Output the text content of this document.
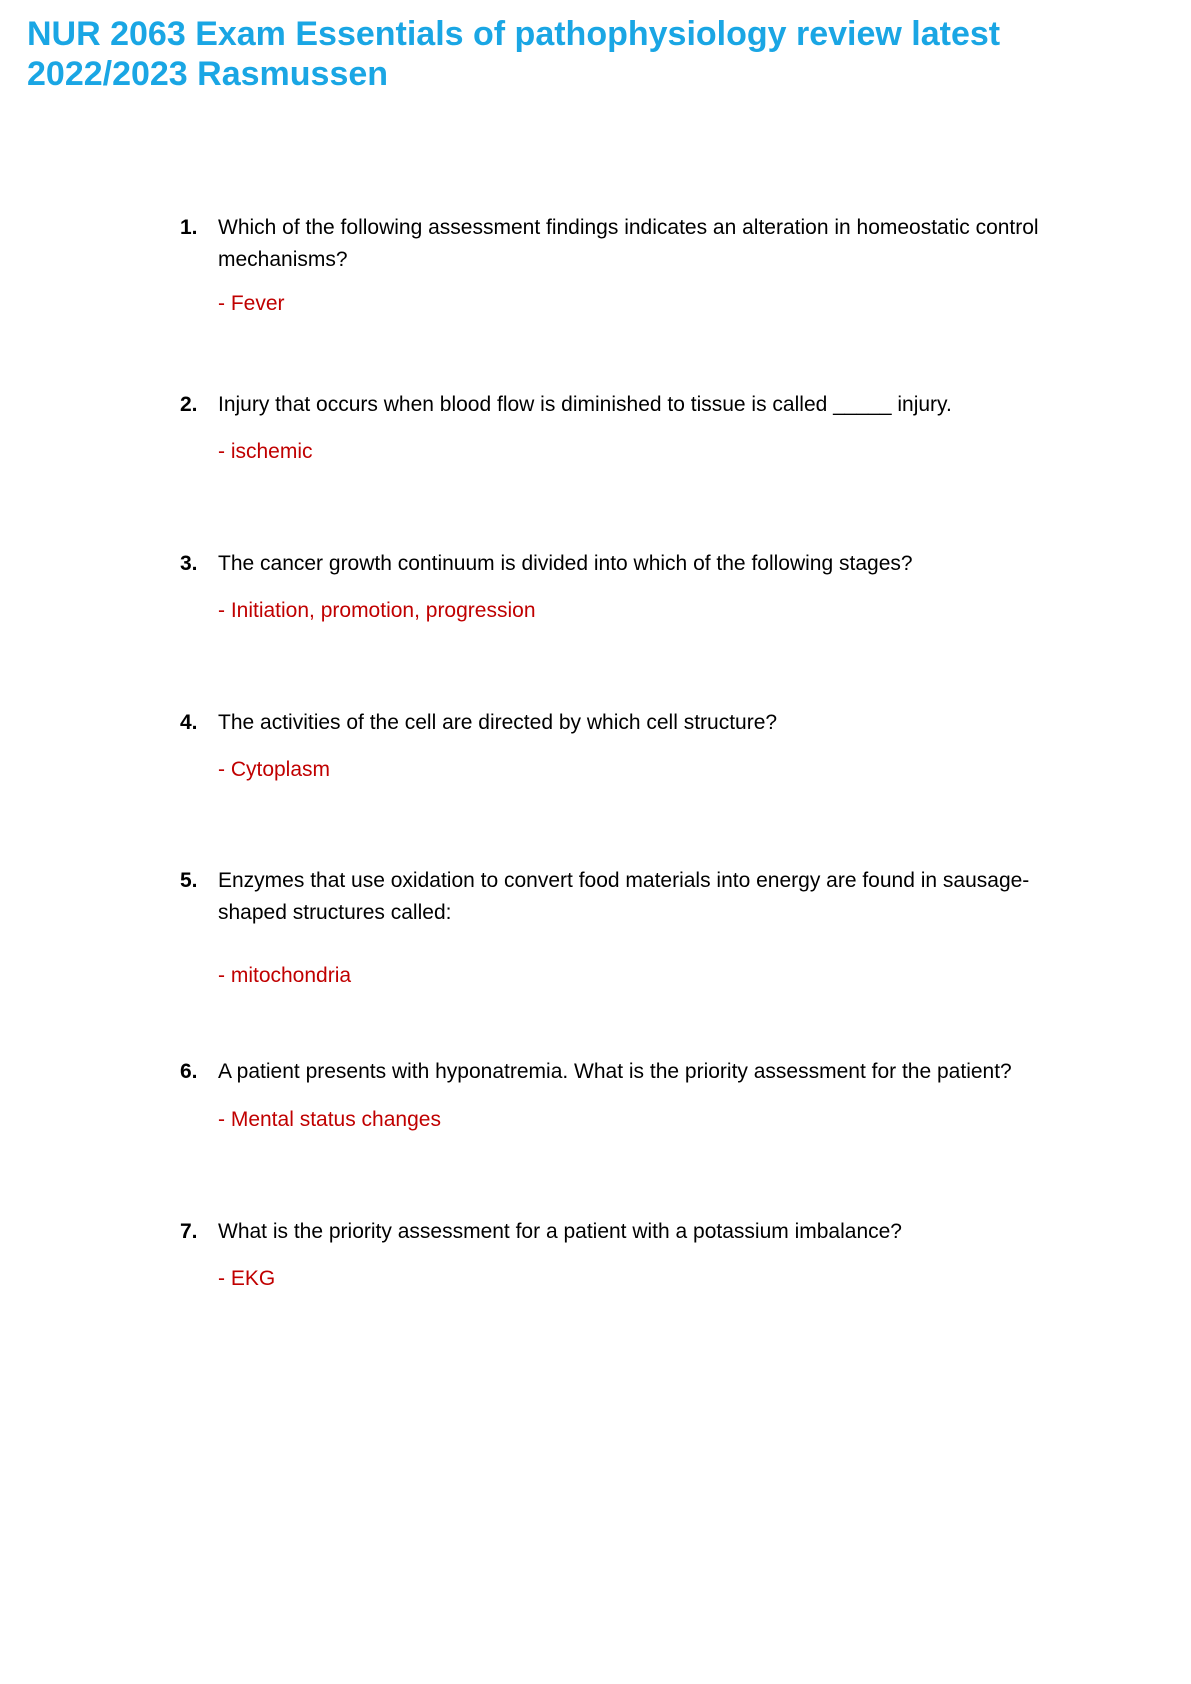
NUR 2063 Exam Essentials of pathophysiology review latest 2022/2023 Rasmussen
1. Which of the following assessment findings indicates an alteration in homeostatic control mechanisms?
- Fever
2. Injury that occurs when blood flow is diminished to tissue is called _____ injury.
- ischemic
3. The cancer growth continuum is divided into which of the following stages?
- Initiation, promotion, progression
4. The activities of the cell are directed by which cell structure?
- Cytoplasm
5. Enzymes that use oxidation to convert food materials into energy are found in sausage-shaped structures called:
- mitochondria
6. A patient presents with hyponatremia. What is the priority assessment for the patient?
- Mental status changes
7. What is the priority assessment for a patient with a potassium imbalance?
- EKG
